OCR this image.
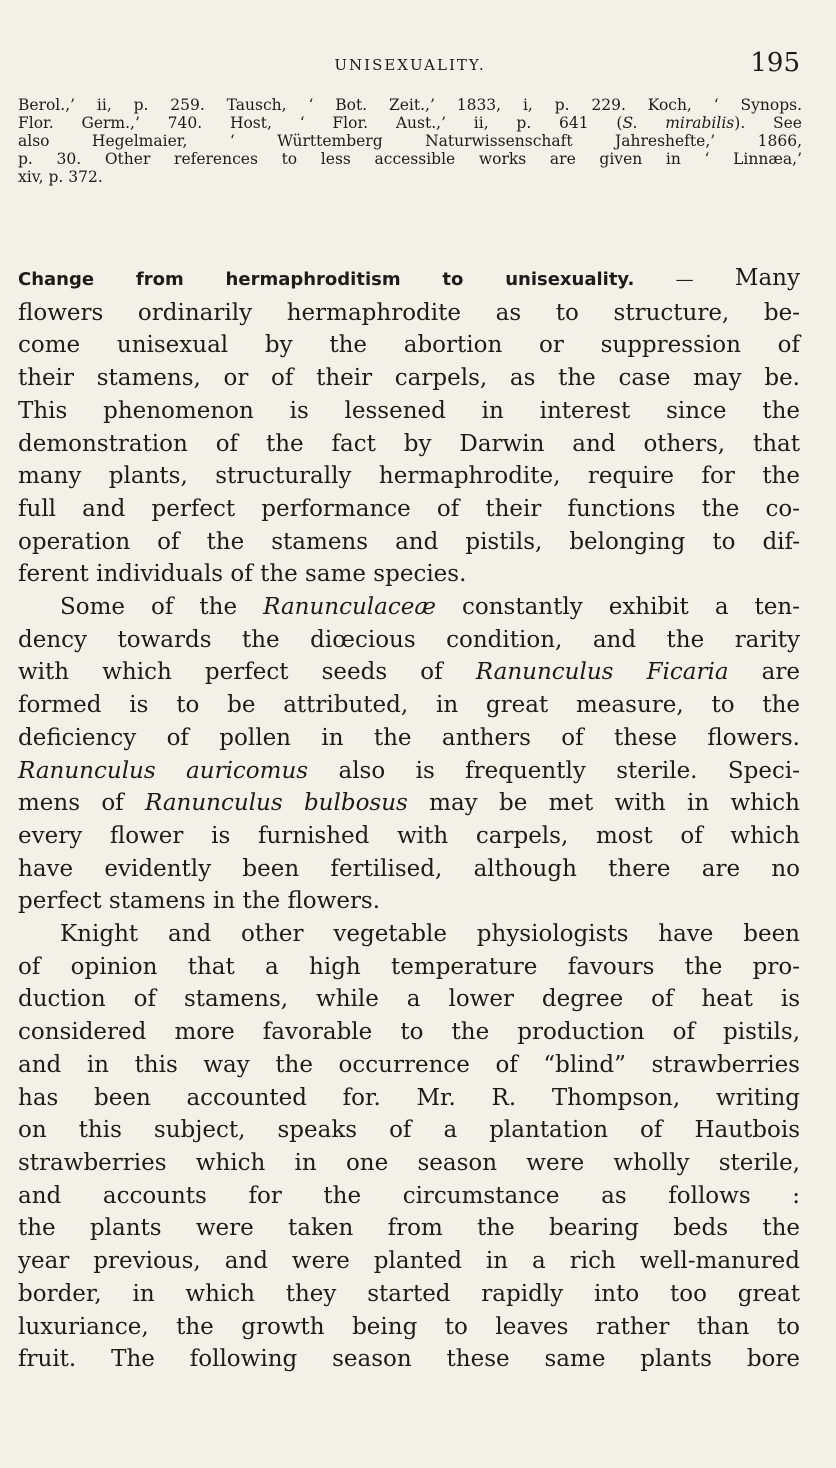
UNISEXUALITY.	195
Berol.,’ ii, p. 259. Tausch, ‘ Bot. Zeit.,’ 1833, i, p. 229. Koch, ‘ Synops.
Flor. Germ.,’ 740. Host, ‘ Flor. Aust.,’ ii, p. 641 (S. mirabilis). See
also Hegelmaier, ‘ Württemberg Naturwissenschaft Jahreshefte,’ 1866,
p. 30. Other references to less accessible works are given in ‘ Linnæa,’
xiv, p. 372.
Change from hermaphroditism to unisexuality. — Many
flowers ordinarily hermaphrodite as to structure, be-
come unisexual by the abortion or suppression of
their stamens, or of their carpels, as the case may be.
This phenomenon is lessened in interest since the
demonstration of the fact by Darwin and others, that
many plants, structurally hermaphrodite, require for the
full and perfect performance of their functions the co-
operation of the stamens and pistils, belonging to dif-
ferent individuals of the same species.
Some of the Ranunculaceæ constantly exhibit a ten-
dency towards the diœcious condition, and the rarity
with which perfect seeds of Ranunculus Ficaria are
formed is to be attributed, in great measure, to the
deficiency of pollen in the anthers of these flowers.
Ranunculus auricomus also is frequently sterile. Speci-
mens of Ranunculus bulbosus may be met with in which
every flower is furnished with carpels, most of which
have evidently been fertilised, although there are no
perfect stamens in the flowers.
Knight and other vegetable physiologists have been
of opinion that a high temperature favours the pro-
duction of stamens, while a lower degree of heat is
considered more favorable to the production of pistils,
and in this way the occurrence of “blind” strawberries
has been accounted for. Mr. R. Thompson, writing
on this subject, speaks of a plantation of Hautbois
strawberries which in one season were wholly sterile,
and accounts for the circumstance as follows :
the plants were taken from the bearing beds the
year previous, and were planted in a rich well-manured
border, in which they started rapidly into too great
luxuriance, the growth being to leaves rather than to
fruit. The following season these same plants bore
